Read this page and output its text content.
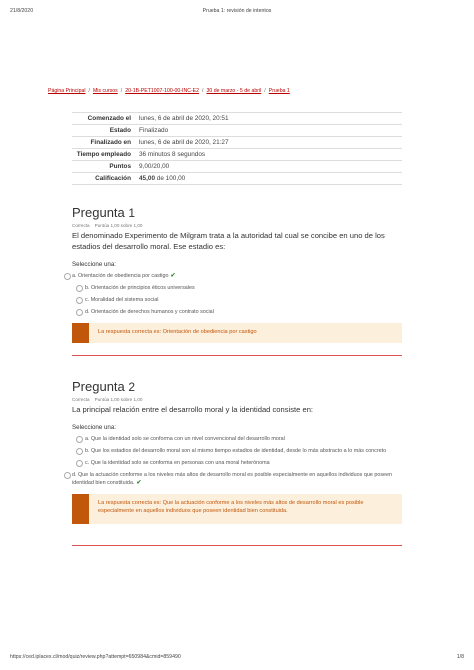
21/8/2020	Prueba 1: revisión de intentos
Página Principal / Mis cursos / 20-1B-PET1007-100-00-INC-E2 / 30 de marzo - 5 de abril / Prueba 1
Comenzado el	lunes, 6 de abril de 2020, 20:51
Estado	Finalizado
Finalizado en	lunes, 6 de abril de 2020, 21:27
Tiempo empleado	36 minutos 8 segundos
Puntos	9,00/20,00
Calificación	45,00 de 100,00
Pregunta 1
Correcta Puntúa 1,00 sobre 1,00
El denominado Experimento de Milgram trata a la autoridad tal cual se concibe en uno de los estadios del desarrollo moral. Ese estadio es:
Seleccione una:
a. Orientación de obediencia por castigo ✔
b. Orientación de principios éticos universales
c. Moralidad del sistema social
d. Orientación de derechos humanos y contrato social
La respuesta correcta es: Orientación de obediencia por castigo
Pregunta 2
Correcta Puntúa 1,00 sobre 1,00
La principal relación entre el desarrollo moral y la identidad consiste en:
Seleccione una:
a. Que la identidad solo se conforma con un nivel convencional del desarrollo moral
b. Que los estadios del desarrollo moral son al mismo tiempo estadios de identidad, desde lo más abstracto a lo más concreto
c. Que la identidad solo se conforma en personas con una moral heterónoma
d. Que la actuación conforme a los niveles más altos de desarrollo moral es posible especialmente en aquellos individuos que poseen identidad bien constituida. ✔
La respuesta correcta es: Que la actuación conforme a los niveles más altos de desarrollo moral es posible especialmente en aquellos individuos que poseen identidad bien constituida.
https://ced.iplacex.cl/mod/quiz/review.php?attempt=650984&cmid=859490	1/8
